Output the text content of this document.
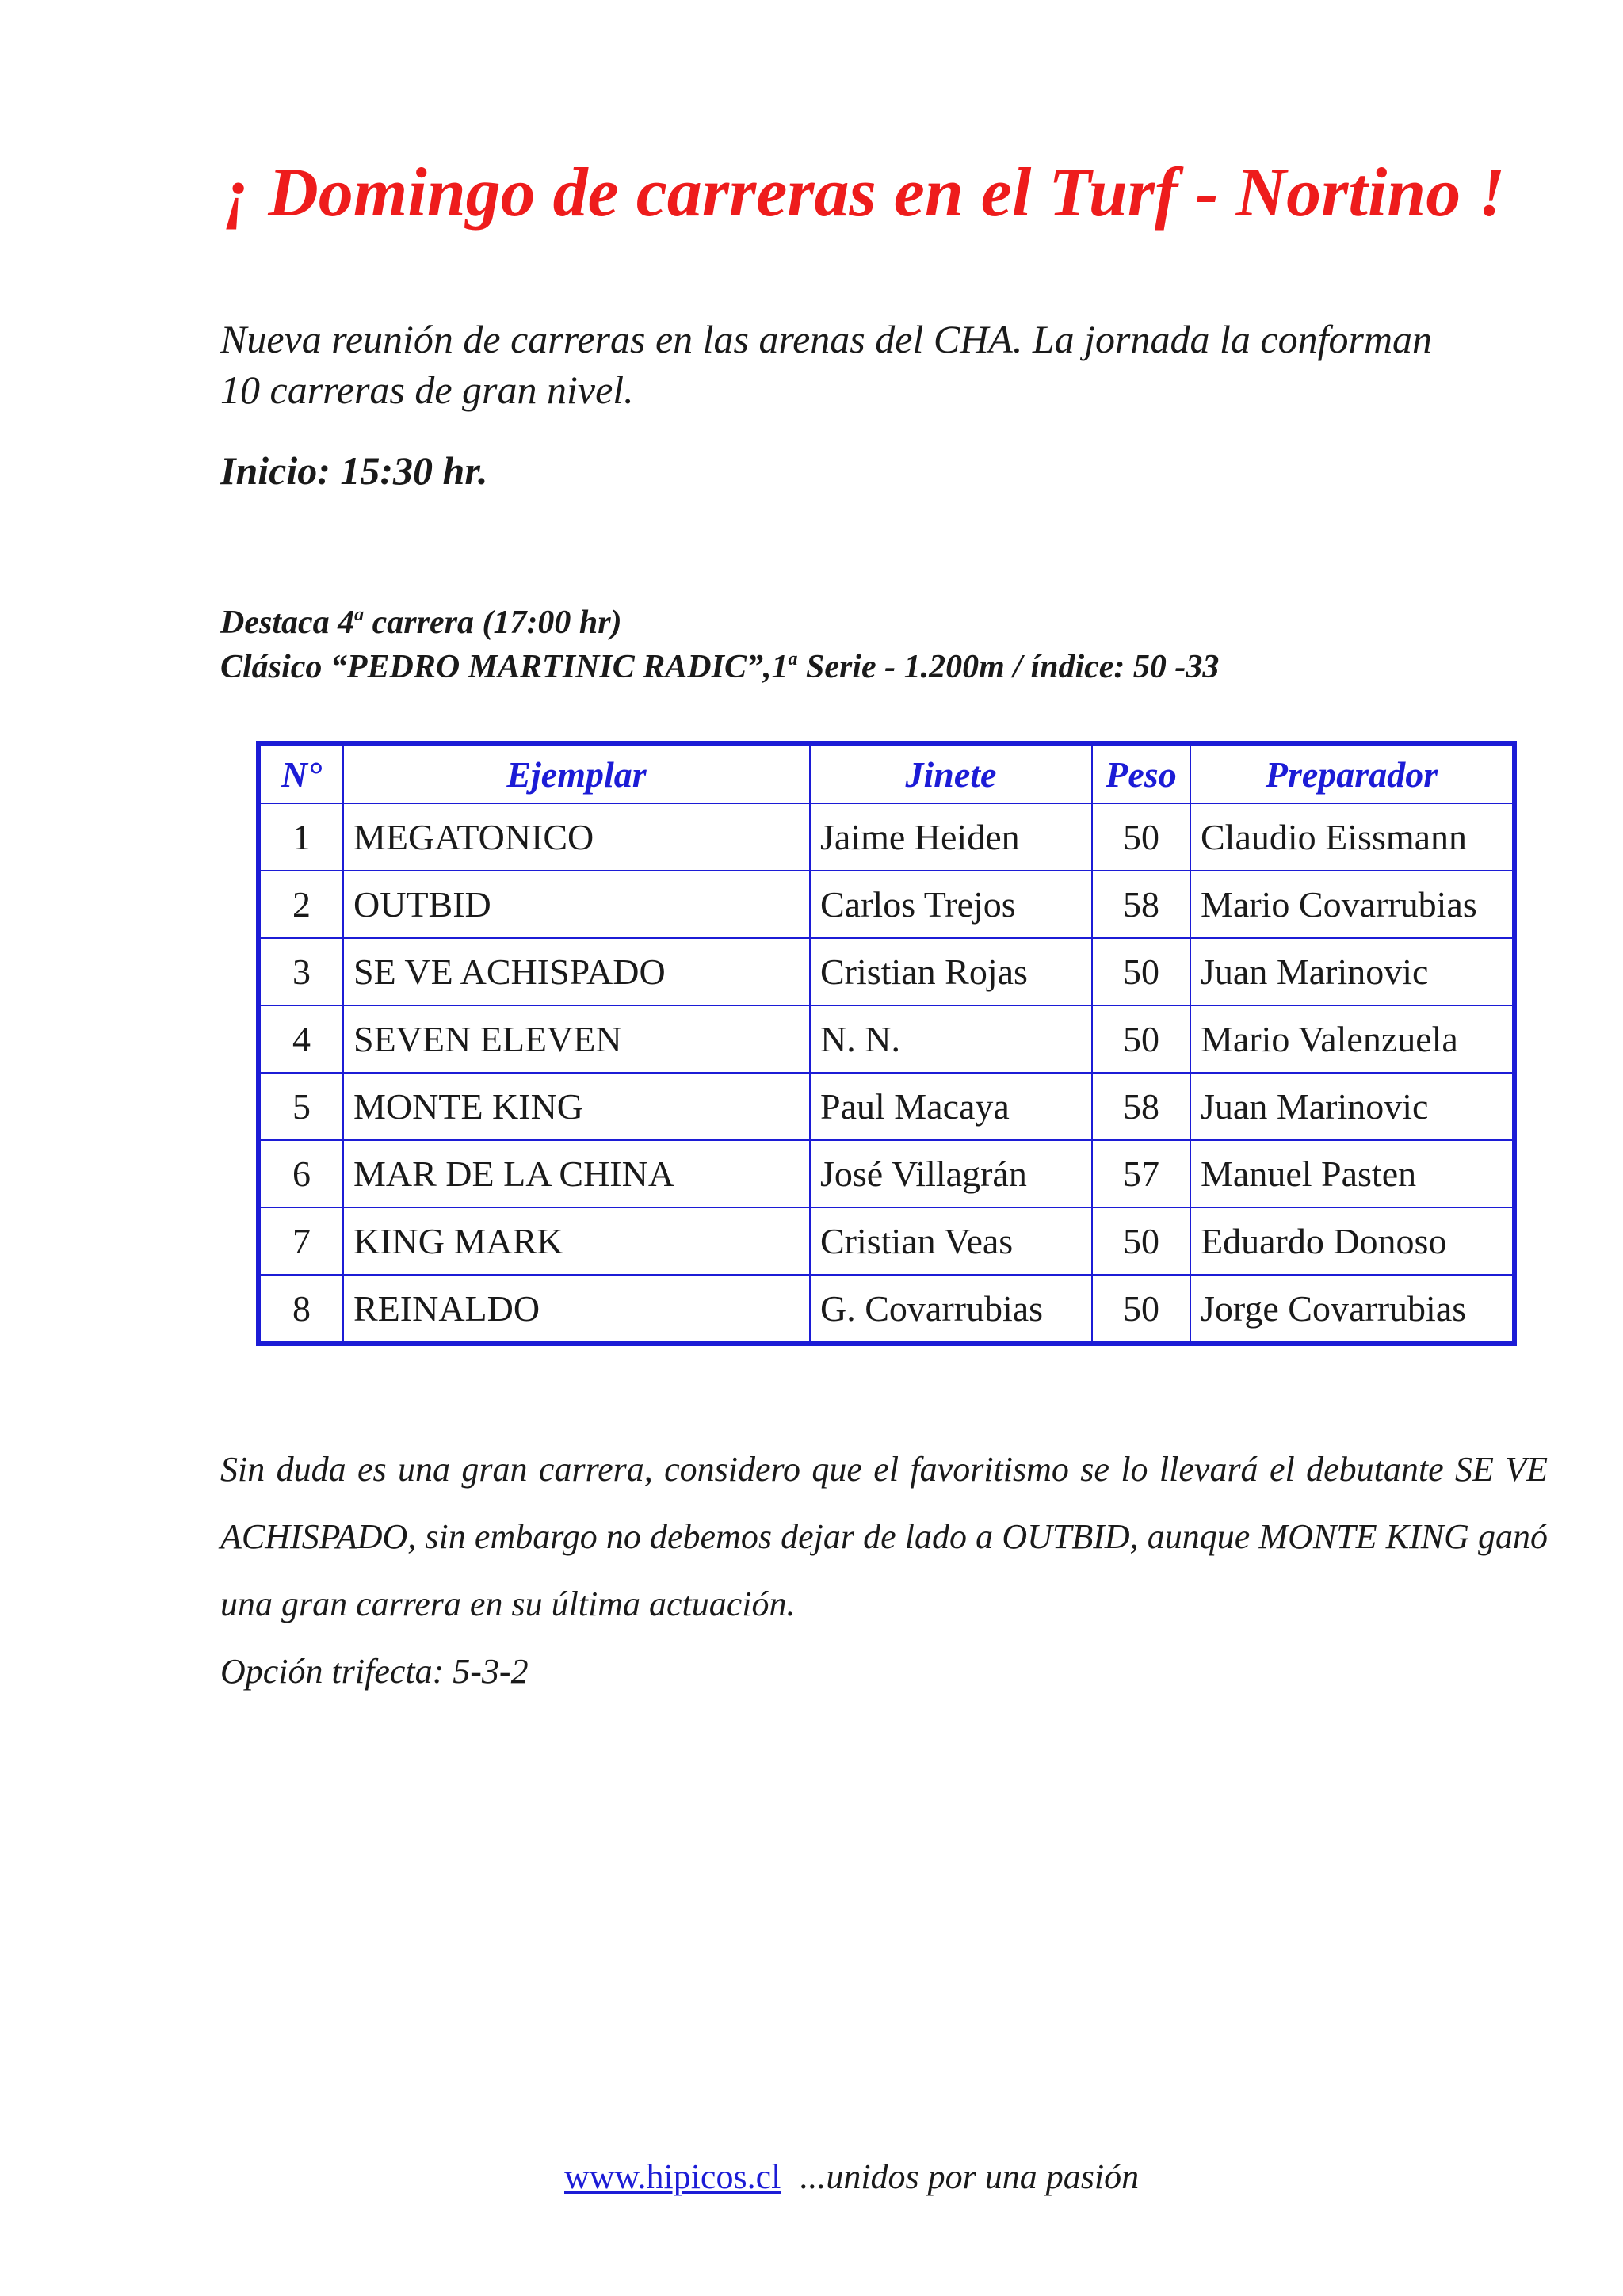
¡ Domingo de carreras en el Turf - Nortino !

Nueva reunión de carreras en las arenas del CHA. La jornada la conforman 10 carreras de gran nivel.

Inicio: 15:30 hr.

Destaca 4$^a$ carrera (17:00 hr)
Clásico “PEDRO MARTINIC RADIC”,1$^a$ Serie - 1.200m / índice: 50 -33
N°	Ejemplar	Jinete	Peso	Preparador
1	MEGATONICO	Jaime Heiden	50	Claudio Eissmann
2	OUTBID	Carlos Trejos	58	Mario Covarrubias
3	SE VE ACHISPADO	Cristian Rojas	50	Juan Marinovic
4	SEVEN ELEVEN	N. N.	50	Mario Valenzuela
5	MONTE KING	Paul Macaya	58	Juan Marinovic
6	MAR DE LA CHINA	José Villagrán	57	Manuel Pasten
7	KING MARK	Cristian Veas	50	Eduardo Donoso
8	REINALDO	G. Covarrubias	50	Jorge Covarrubias
Sin duda es una gran carrera, considero que el favoritismo se lo llevará el debutante SE VE ACHISPADO, sin embargo no debemos dejar de lado a OUTBID, aunque MONTE KING ganó una gran carrera en su última actuación.
Opción trifecta: 5-3-2

www.hipicos.cl ...unidos por una pasión
